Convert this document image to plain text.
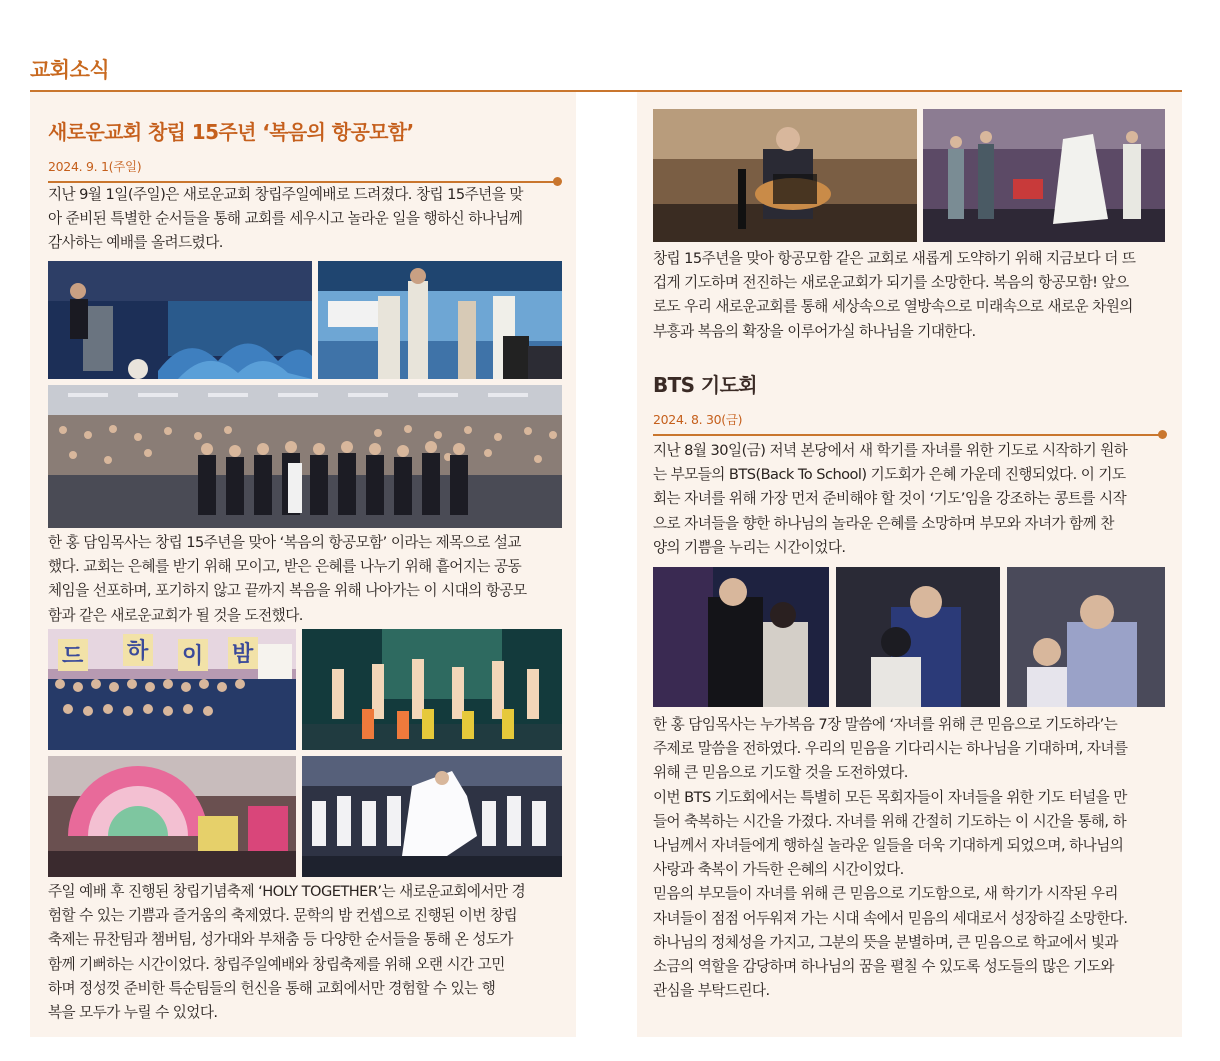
교회소식
새로운교회 창립 15주년 ‘복음의 항공모함’
2024. 9. 1(주일)

지난 9월 1일(주일)은 새로운교회 창립주일예배로 드려졌다. 창립 15주년을 맞
아 준비된 특별한 순서들을 통해 교회를 세우시고 놀라운 일을 행하신 하나님께
감사하는 예배를 올려드렸다.

한 홍 담임목사는 창립 15주년을 맞아 ‘복음의 항공모함’ 이라는 제목으로 설교
했다. 교회는 은혜를 받기 위해 모이고, 받은 은혜를 나누기 위해 흩어지는 공동
체임을 선포하며, 포기하지 않고 끝까지 복음을 위해 나아가는 이 시대의 항공모
함과 같은 새로운교회가 될 것을 도전했다.

드 하 이 밤

주일 예배 후 진행된 창립기념축제 ‘HOLY TOGETHER’는 새로운교회에서만 경
험할 수 있는 기쁨과 즐거움의 축제였다. 문학의 밤 컨셉으로 진행된 이번 창립
축제는 뮤찬팀과 챔버팀, 성가대와 부채춤 등 다양한 순서들을 통해 온 성도가
함께 기뻐하는 시간이었다. 창립주일예배와 창립축제를 위해 오랜 시간 고민
하며 정성껏 준비한 특순팀들의 헌신을 통해 교회에서만 경험할 수 있는 행
복을 모두가 누릴 수 있었다.

창립 15주년을 맞아 항공모함 같은 교회로 새롭게 도약하기 위해 지금보다 더 뜨
겁게 기도하며 전진하는 새로운교회가 되기를 소망한다. 복음의 항공모함! 앞으
로도 우리 새로운교회를 통해 세상속으로 열방속으로 미래속으로 새로운 차원의
부흥과 복음의 확장을 이루어가실 하나님을 기대한다.

BTS 기도회
2024. 8. 30(금)

지난 8월 30일(금) 저녁 본당에서 새 학기를 자녀를 위한 기도로 시작하기 원하
는 부모들의 BTS(Back To School) 기도회가 은혜 가운데 진행되었다. 이 기도
회는 자녀를 위해 가장 먼저 준비해야 할 것이 ‘기도’임을 강조하는 콩트를 시작
으로 자녀들을 향한 하나님의 놀라운 은혜를 소망하며 부모와 자녀가 함께 찬
양의 기쁨을 누리는 시간이었다.

한 홍 담임목사는 누가복음 7장 말씀에 ‘자녀를 위해 큰 믿음으로 기도하라’는
주제로 말씀을 전하였다. 우리의 믿음을 기다리시는 하나님을 기대하며, 자녀를
위해 큰 믿음으로 기도할 것을 도전하였다.
이번 BTS 기도회에서는 특별히 모든 목회자들이 자녀들을 위한 기도 터널을 만
들어 축복하는 시간을 가졌다. 자녀를 위해 간절히 기도하는 이 시간을 통해, 하
나님께서 자녀들에게 행하실 놀라운 일들을 더욱 기대하게 되었으며, 하나님의
사랑과 축복이 가득한 은혜의 시간이었다.
믿음의 부모들이 자녀를 위해 큰 믿음으로 기도함으로, 새 학기가 시작된 우리
자녀들이 점점 어두워져 가는 시대 속에서 믿음의 세대로서 성장하길 소망한다.
하나님의 정체성을 가지고, 그분의 뜻을 분별하며, 큰 믿음으로 학교에서 빛과
소금의 역할을 감당하며 하나님의 꿈을 펼칠 수 있도록 성도들의 많은 기도와
관심을 부탁드린다.
